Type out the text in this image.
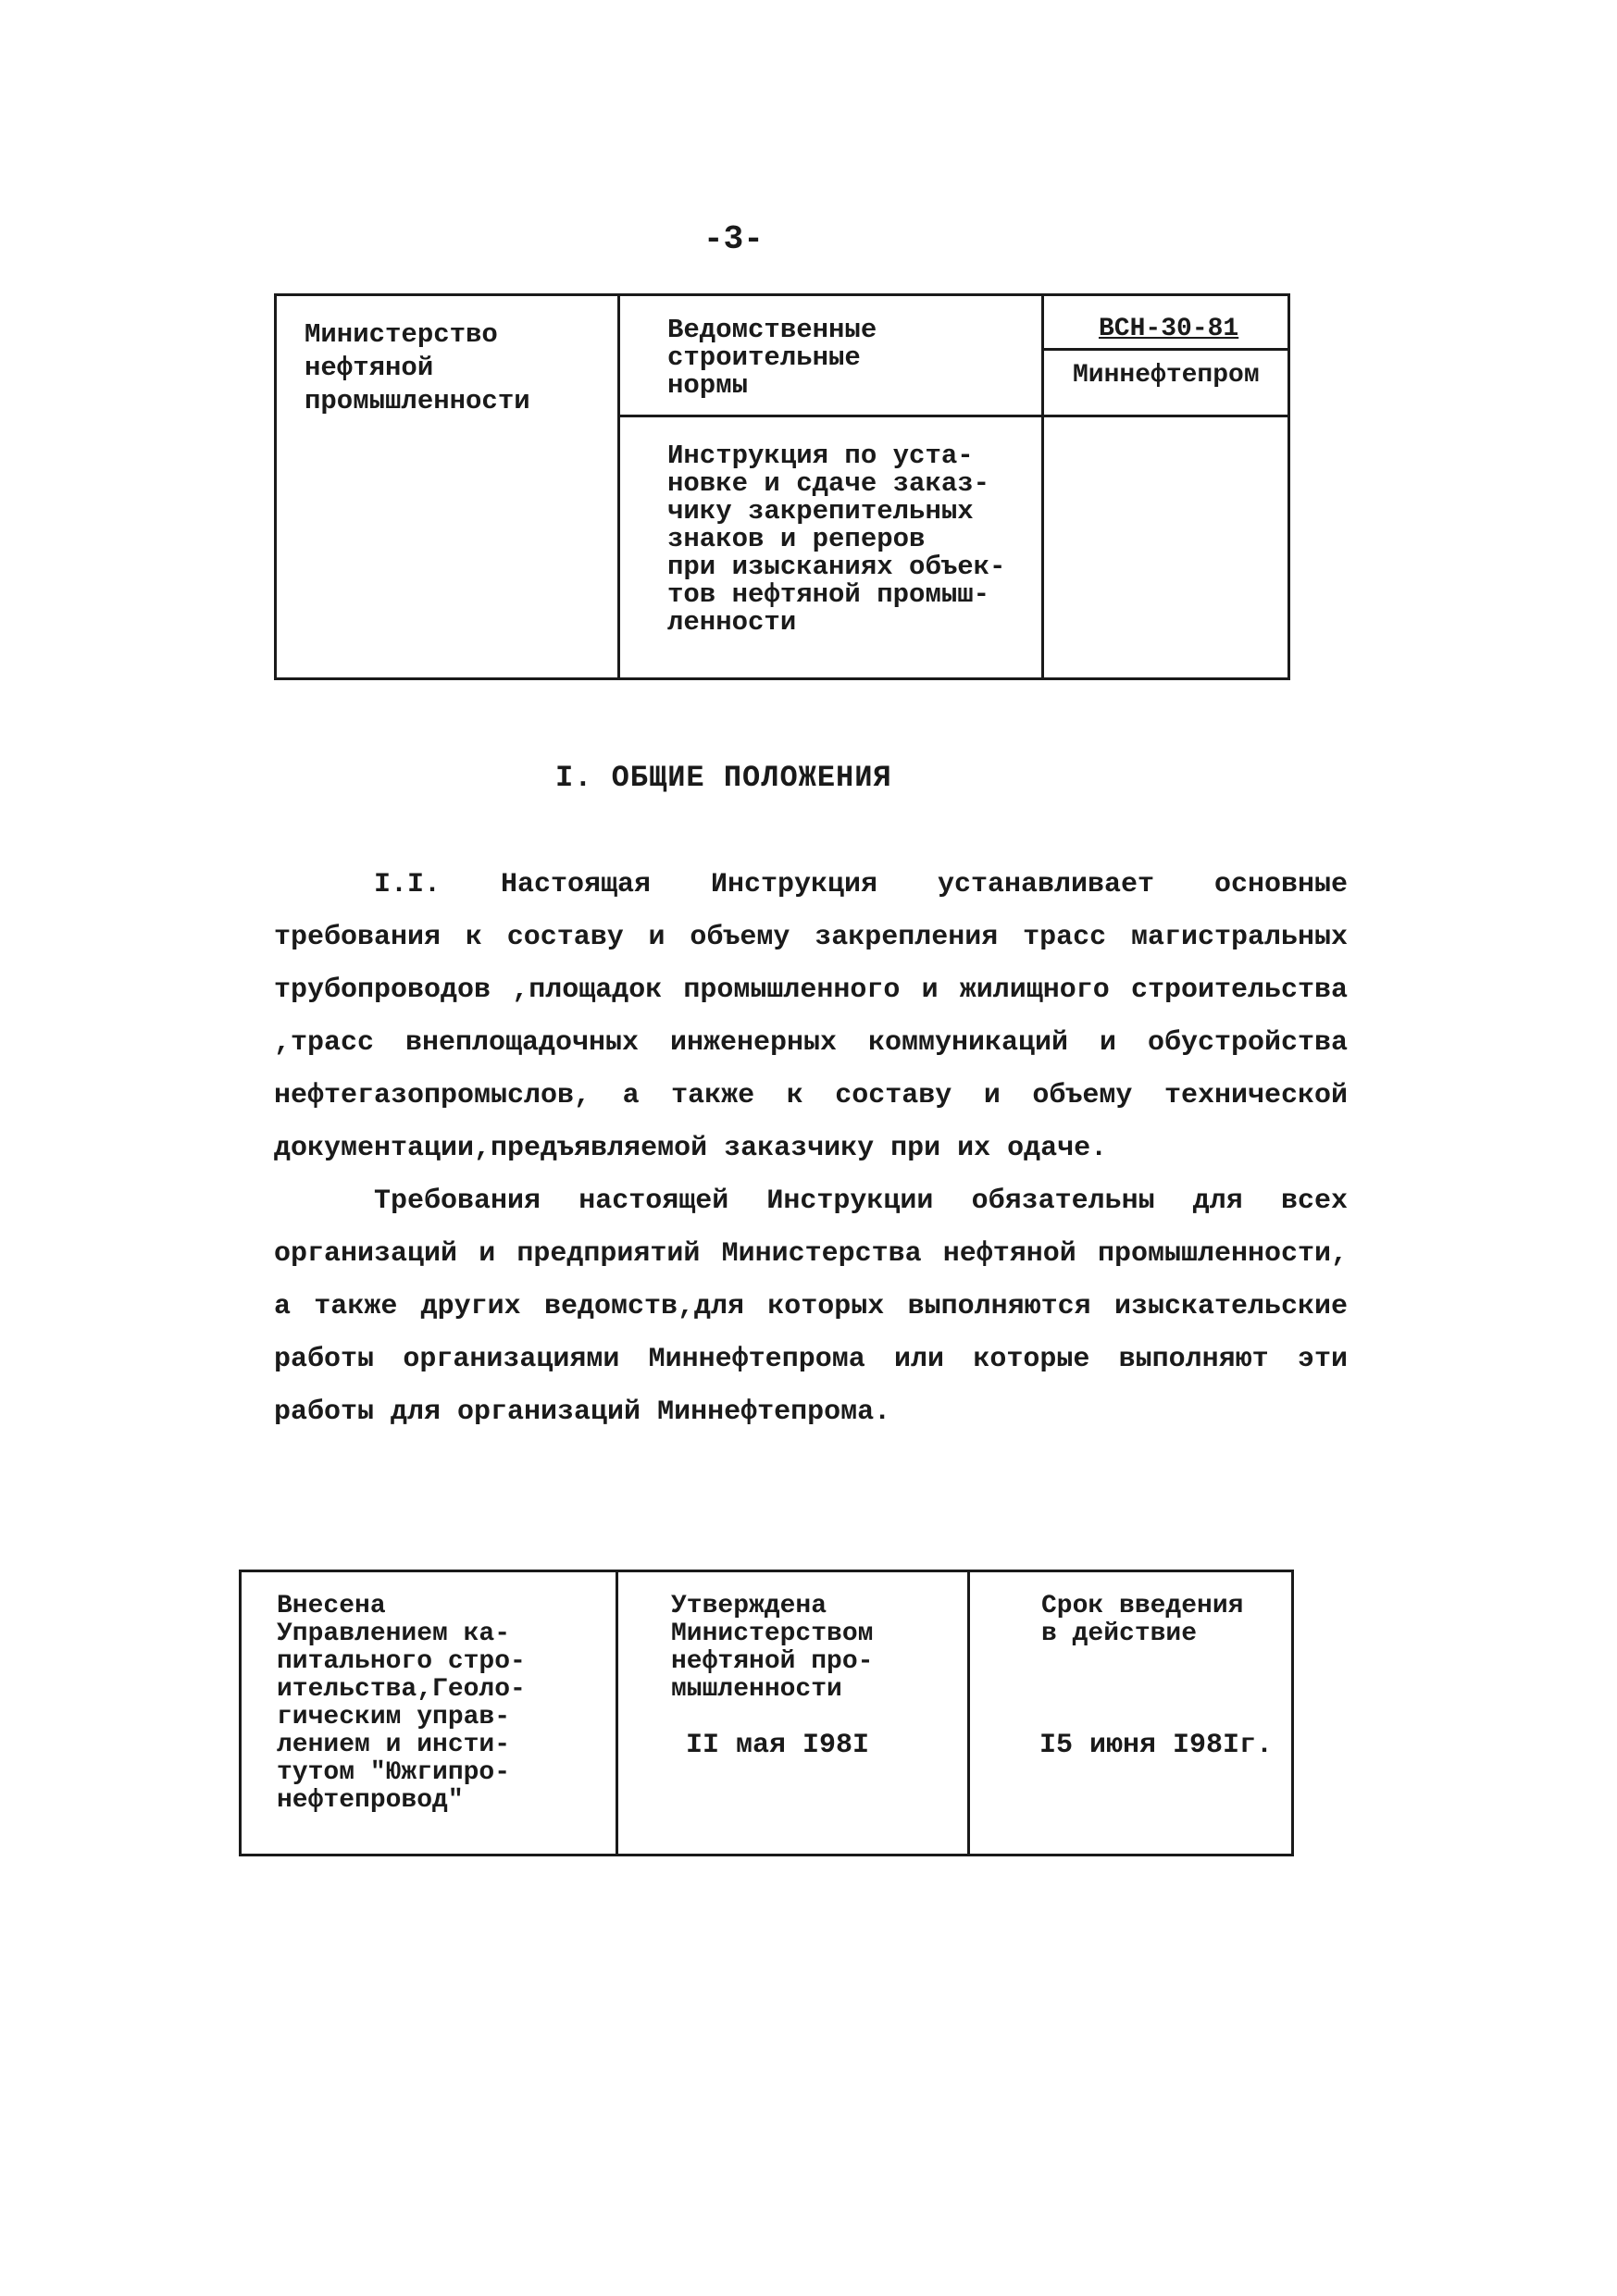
-3-
Министерство
нефтяной
промышленности
Ведомственные
строительные
нормы
ВСН-30-81
Миннефтепром
Инструкция по уста-
новке и сдаче заказ-
чику закрепительных
знаков и реперов
при изысканиях объек-
тов нефтяной промыш-
ленности
I. ОБЩИЕ ПОЛОЖЕНИЯ

I.I. Настоящая Инструкция устанавливает основные требования к составу и объему закрепления трасс магистральных трубопроводов ,площадок промышленного и жилищного строительства ,трасс внеплощадочных инженерных коммуникаций и обустройства нефтегазопромыслов, а также к составу и объему технической документации,предъявляемой заказчику при их одаче.

Требования настоящей Инструкции обязательны для всех организаций и предприятий Министерства нефтяной промышленности, а также других ведомств,для которых выполняются изыскательские работы организациями Миннефтепрома или которые выполняют эти работы для организаций Миннефтепрома.

Внесена
Управлением ка-
питального стро-
ительства,Геоло-
гическим управ-
лением и инсти-
тутом "Южгипро-
нефтепровод"
Утверждена
Министерством
нефтяной про-
мышленности
II мая I98I
Срок введения
в действие
I5 июня I98Iг.
